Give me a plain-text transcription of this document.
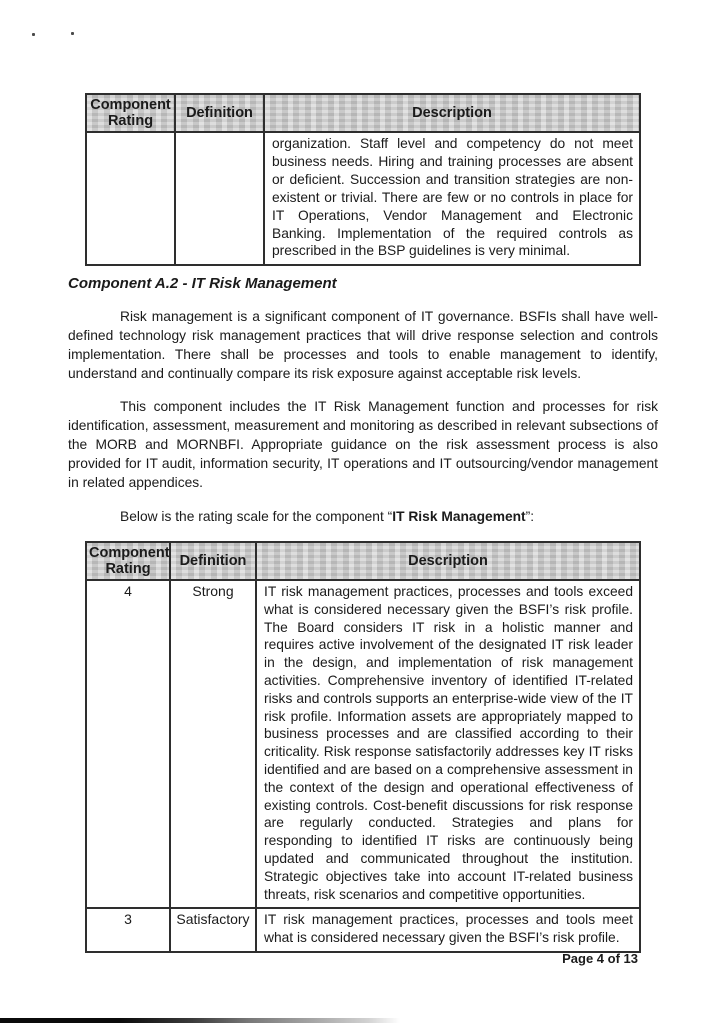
Component Rating	Definition	Description
		organization. Staff level and competency do not meet business needs. Hiring and training processes are absent or deficient. Succession and transition strategies are non-existent or trivial. There are few or no controls in place for IT Operations, Vendor Management and Electronic Banking. Implementation of the required controls as prescribed in the BSP guidelines is very minimal.
Component A.2 - IT Risk Management

Risk management is a significant component of IT governance. BSFIs shall have well-defined technology risk management practices that will drive response selection and controls implementation. There shall be processes and tools to enable management to identify, understand and continually compare its risk exposure against acceptable risk levels.

This component includes the IT Risk Management function and processes for risk identification, assessment, measurement and monitoring as described in relevant subsections of the MORB and MORNBFI. Appropriate guidance on the risk assessment process is also provided for IT audit, information security, IT operations and IT outsourcing/vendor management in related appendices.

Below is the rating scale for the component “IT Risk Management”:

Component Rating	Definition	Description
4	Strong	IT risk management practices, processes and tools exceed what is considered necessary given the BSFI’s risk profile. The Board considers IT risk in a holistic manner and requires active involvement of the designated IT risk leader in the design, and implementation of risk management activities. Comprehensive inventory of identified IT-related risks and controls supports an enterprise-wide view of the IT risk profile. Information assets are appropriately mapped to business processes and are classified according to their criticality. Risk response satisfactorily addresses key IT risks identified and are based on a comprehensive assessment in the context of the design and operational effectiveness of existing controls. Cost-benefit discussions for risk response are regularly conducted. Strategies and plans for responding to identified IT risks are continuously being updated and communicated throughout the institution. Strategic objectives take into account IT-related business threats, risk scenarios and competitive opportunities.
3	Satisfactory	IT risk management practices, processes and tools meet what is considered necessary given the BSFI’s risk profile.
Page 4 of 13
